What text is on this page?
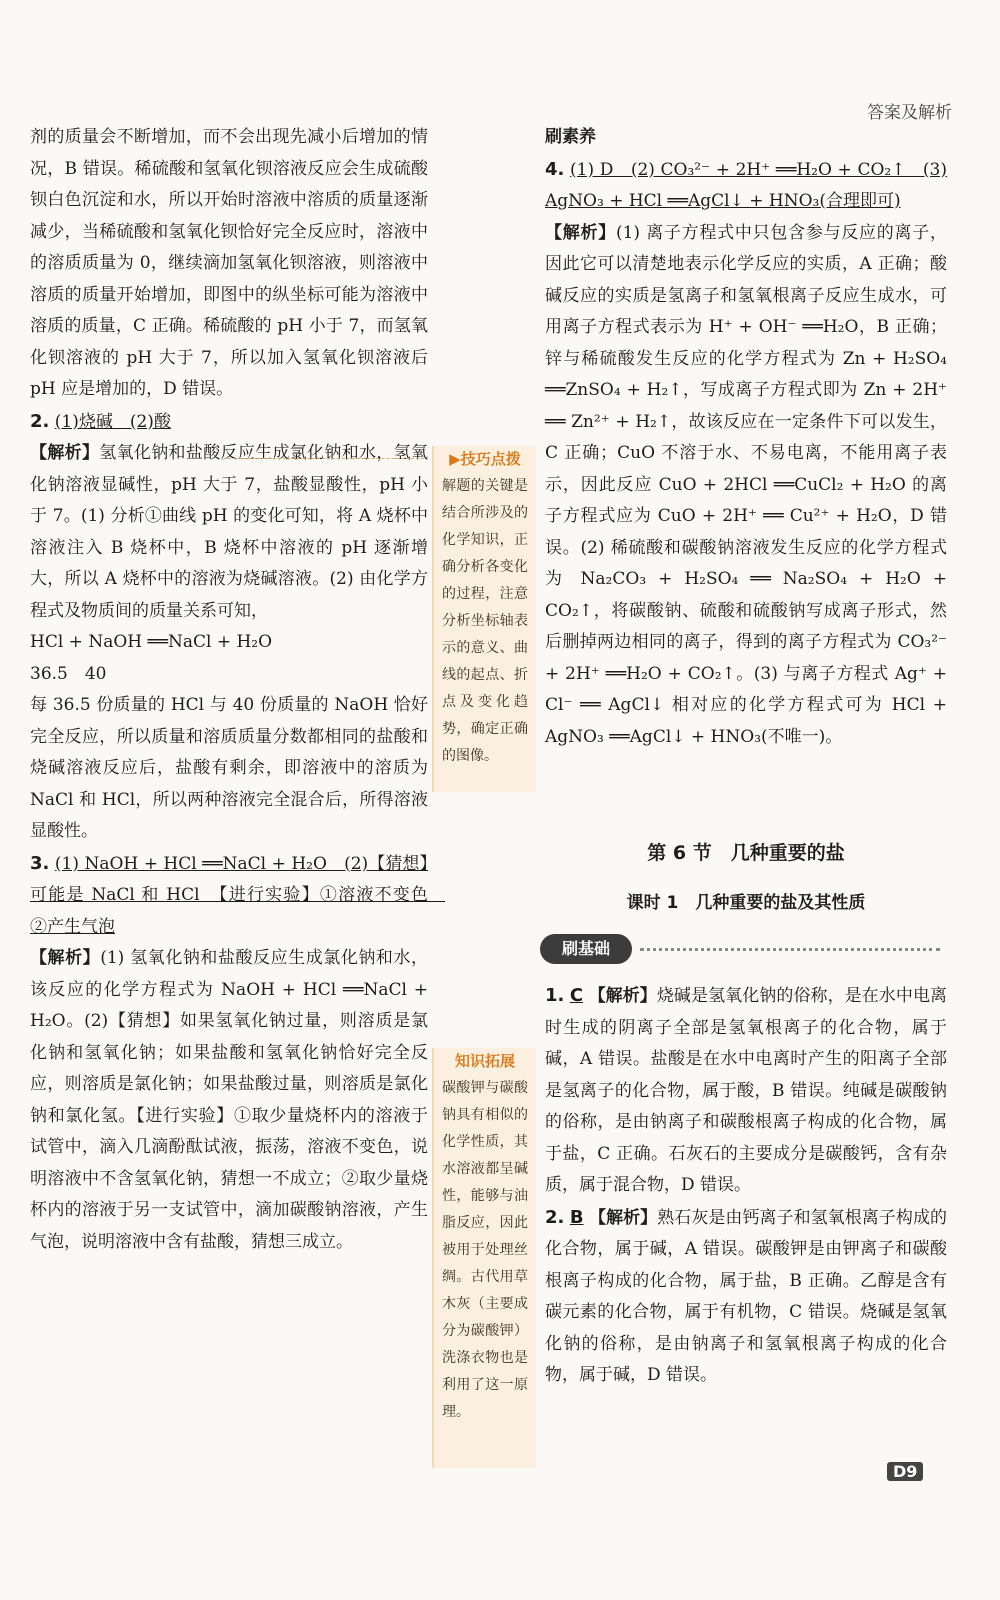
答案及解析

剂的质量会不断增加，而不会出现先减小后增加的情况，B 错误。稀硫酸和氢氧化钡溶液反应会生成硫酸钡白色沉淀和水，所以开始时溶液中溶质的质量逐渐减少，当稀硫酸和氢氧化钡恰好完全反应时，溶液中的溶质质量为 0，继续滴加氢氧化钡溶液，则溶液中溶质的质量开始增加，即图中的纵坐标可能为溶液中溶质的质量，C 正确。稀硫酸的 pH 小于 7，而氢氧化钡溶液的 pH 大于 7，所以加入氢氧化钡溶液后 pH 应是增加的，D 错误。

2. (1)烧碱　(2)酸

【解析】氢氧化钠和盐酸反应生成氯化钠和水，氢氧化钠溶液显碱性，pH 大于 7，盐酸显酸性，pH 小于 7。(1) 分析①曲线 pH 的变化可知，将 A 烧杯中溶液注入 B 烧杯中，B 烧杯中溶液的 pH 逐渐增大，所以 A 烧杯中的溶液为烧碱溶液。(2) 由化学方程式及物质间的质量关系可知，

HCl + NaOH ══NaCl + H₂O

36.5　40

每 36.5 份质量的 HCl 与 40 份质量的 NaOH 恰好完全反应，所以质量和溶质质量分数都相同的盐酸和烧碱溶液反应后，盐酸有剩余，即溶液中的溶质为 NaCl 和 HCl，所以两种溶液完全混合后，所得溶液显酸性。

3. (1) NaOH + HCl ══NaCl + H₂O　(2)【猜想】可能是 NaCl 和 HCl　【进行实验】①溶液不变色　②产生气泡

【解析】(1) 氢氧化钠和盐酸反应生成氯化钠和水，该反应的化学方程式为 NaOH + HCl ══NaCl + H₂O。(2)【猜想】如果氢氧化钠过量，则溶质是氯化钠和氢氧化钠；如果盐酸和氢氧化钠恰好完全反应，则溶质是氯化钠；如果盐酸过量，则溶质是氯化钠和氯化氢。【进行实验】①取少量烧杯内的溶液于试管中，滴入几滴酚酞试液，振荡，溶液不变色，说明溶液中不含氢氧化钠，猜想一不成立；②取少量烧杯内的溶液于另一支试管中，滴加碳酸钠溶液，产生气泡，说明溶液中含有盐酸，猜想三成立。

▶技巧点拨
解题的关键是结合所涉及的化学知识，正确分析各变化的过程，注意分析坐标轴表示的意义、曲线的起点、折点及变化趋势，确定正确的图像。
知识拓展
碳酸钾与碳酸钠具有相似的化学性质，其水溶液都呈碱性，能够与油脂反应，因此被用于处理丝绸。古代用草木灰（主要成分为碳酸钾）洗涤衣物也是利用了这一原理。

刷素养

4. (1) D　(2) CO₃²⁻ + 2H⁺ ══H₂O + CO₂↑　(3) AgNO₃ + HCl ══AgCl↓ + HNO₃(合理即可)

【解析】(1) 离子方程式中只包含参与反应的离子，因此它可以清楚地表示化学反应的实质，A 正确；酸碱反应的实质是氢离子和氢氧根离子反应生成水，可用离子方程式表示为 H⁺ + OH⁻ ══H₂O，B 正确；锌与稀硫酸发生反应的化学方程式为 Zn + H₂SO₄ ══ZnSO₄ + H₂↑，写成离子方程式即为 Zn + 2H⁺ ══ Zn²⁺ + H₂↑，故该反应在一定条件下可以发生，C 正确；CuO 不溶于水、不易电离，不能用离子表示，因此反应 CuO + 2HCl ══CuCl₂ + H₂O 的离子方程式应为 CuO + 2H⁺ ══ Cu²⁺ + H₂O，D 错误。(2) 稀硫酸和碳酸钠溶液发生反应的化学方程式为 Na₂CO₃ + H₂SO₄ ══ Na₂SO₄ + H₂O + CO₂↑，将碳酸钠、硫酸和硫酸钠写成离子形式，然后删掉两边相同的离子，得到的离子方程式为 CO₃²⁻ + 2H⁺ ══H₂O + CO₂↑。(3) 与离子方程式 Ag⁺ + Cl⁻ ══ AgCl↓ 相对应的化学方程式可为 HCl + AgNO₃ ══AgCl↓ + HNO₃(不唯一)。

第 6 节　几种重要的盐
课时 1　几种重要的盐及其性质
刷基础

1. C 【解析】烧碱是氢氧化钠的俗称，是在水中电离时生成的阴离子全部是氢氧根离子的化合物，属于碱，A 错误。盐酸是在水中电离时产生的阳离子全部是氢离子的化合物，属于酸，B 错误。纯碱是碳酸钠的俗称，是由钠离子和碳酸根离子构成的化合物，属于盐，C 正确。石灰石的主要成分是碳酸钙，含有杂质，属于混合物，D 错误。

2. B 【解析】熟石灰是由钙离子和氢氧根离子构成的化合物，属于碱，A 错误。碳酸钾是由钾离子和碳酸根离子构成的化合物，属于盐，B 正确。乙醇是含有碳元素的化合物，属于有机物，C 错误。烧碱是氢氧化钠的俗称，是由钠离子和氢氧根离子构成的化合物，属于碱，D 错误。

D9
